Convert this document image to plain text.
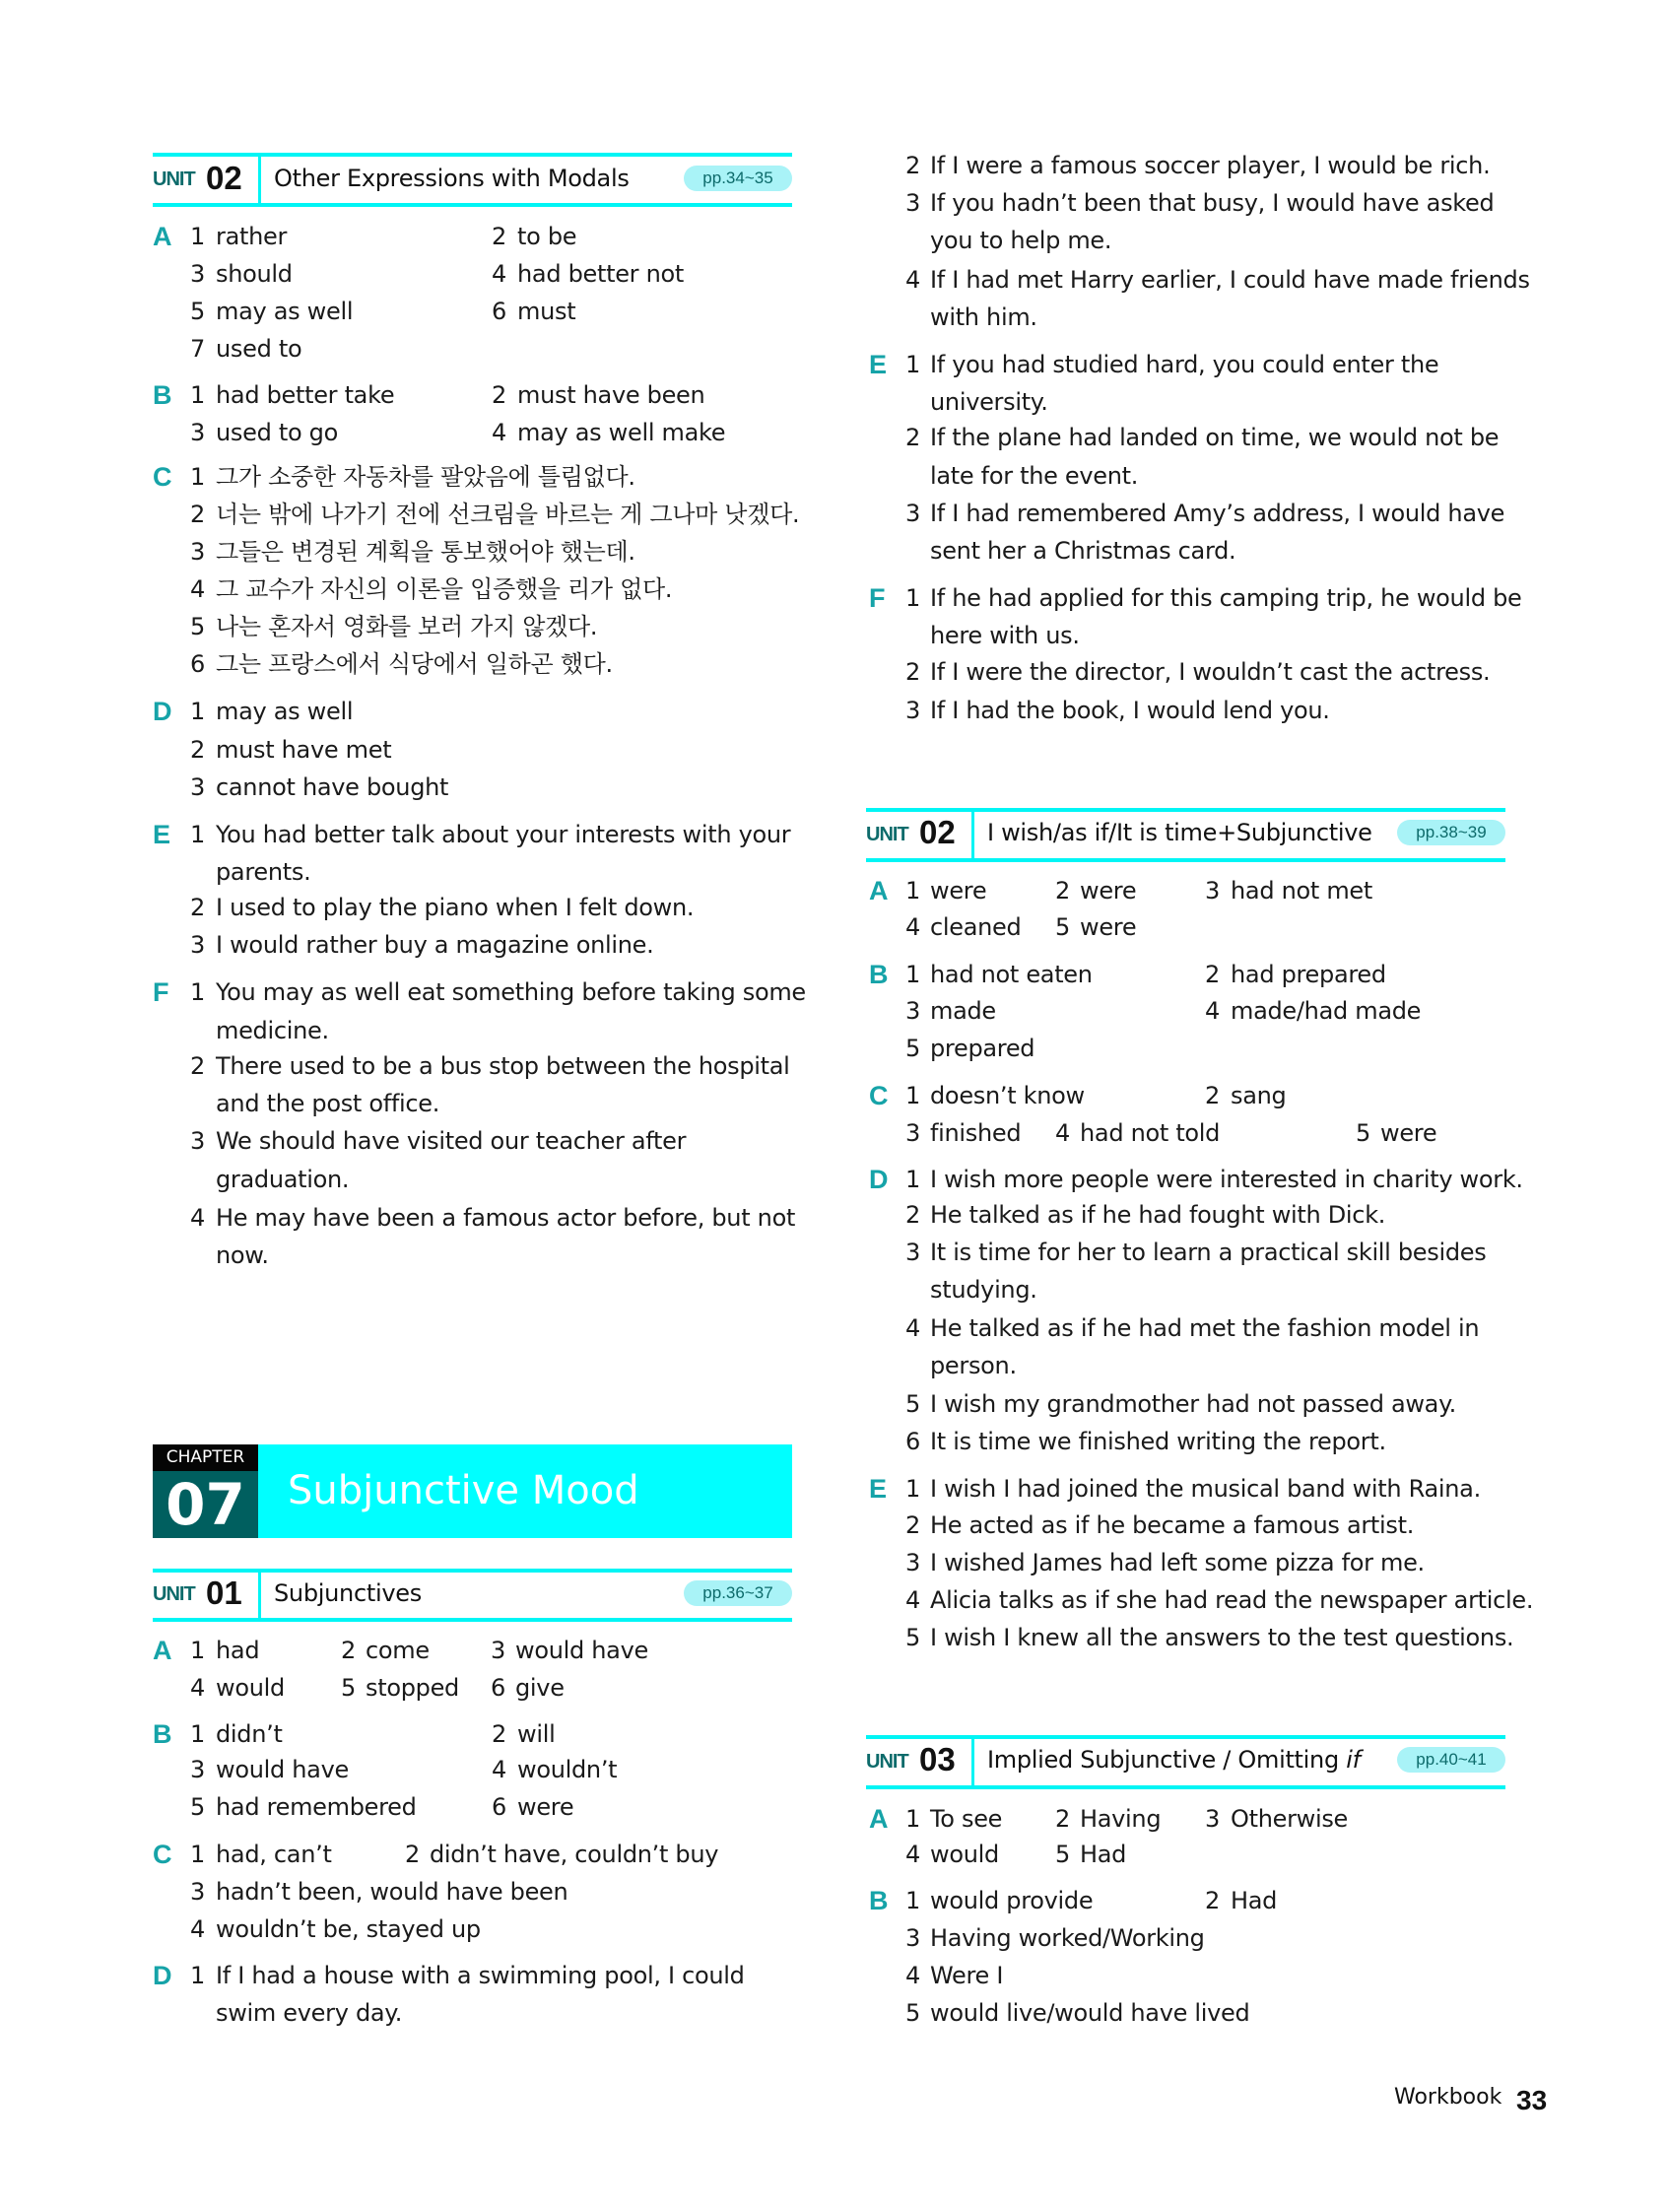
UNIT 02 Other Expressions with Modals	pp.34~35
A 1 rather	2 to be
3 should	4 had better not
5 may as well	6 must
7 used to
B 1 had better take	2 must have been
3 used to go	4 may as well make
C 1 그가 소중한 자동차를 팔았음에 틀림없다.
2 너는 밖에 나가기 전에 선크림을 바르는 게 그나마 낫겠다.
3 그들은 변경된 계획을 통보했어야 했는데.
4 그 교수가 자신의 이론을 입증했을 리가 없다.
5 나는 혼자서 영화를 보러 가지 않겠다.
6 그는 프랑스에서 식당에서 일하곤 했다.
D 1 may as well
2 must have met
3 cannot have bought
E 1 You had better talk about your interests with your
parents.
2 I used to play the piano when I felt down.
3 I would rather buy a magazine online.
F 1 You may as well eat something before taking some
medicine.
2 There used to be a bus stop between the hospital
and the post office.
3 We should have visited our teacher after
graduation.
4 He may have been a famous actor before, but not
now.
CHAPTER
07	Subjunctive Mood
UNIT 01 Subjunctives	pp.36~37
A 1 had	2 come	3 would have
4 would 5 stopped 6 give
B 1 didn’t	2 will
3 would have	4 wouldn’t
5 had remembered	6 were
C 1 had, can’t	2 didn’t have, couldn’t buy
3 hadn’t been, would have been
4 wouldn’t be, stayed up
D 1 If I had a house with a swimming pool, I could
swim every day.
2 If I were a famous soccer player, I would be rich.
3 If you hadn’t been that busy, I would have asked
you to help me.
4 If I had met Harry earlier, I could have made friends
with him.
E 1 If you had studied hard, you could enter the
university.
2 If the plane had landed on time, we would not be
late for the event.
3 If I had remembered Amy’s address, I would have
sent her a Christmas card.
F 1 If he had applied for this camping trip, he would be
here with us.
2 If I were the director, I wouldn’t cast the actress.
3 If I had the book, I would lend you.
UNIT 02 I wish/as if/It is time+Subjunctive	pp.38~39
A 1 were	2 were	3 had not met
4 cleaned 5 were
B 1 had not eaten	2 had prepared
3 made	4 made/had made
5 prepared
C 1 doesn’t know	2 sang
3 finished 4 had not told	5 were
D 1 I wish more people were interested in charity work.
2 He talked as if he had fought with Dick.
3 It is time for her to learn a practical skill besides
studying.
4 He talked as if he had met the fashion model in
person.
5 I wish my grandmother had not passed away.
6 It is time we finished writing the report.
E 1 I wish I had joined the musical band with Raina.
2 He acted as if he became a famous artist.
3 I wished James had left some pizza for me.
4 Alicia talks as if she had read the newspaper article.
5 I wish I knew all the answers to the test questions.
UNIT 03 Implied Subjunctive / Omitting if	pp.40~41
A 1 To see 2 Having 3 Otherwise
4 would 5 Had
B 1 would provide	2 Had
3 Having worked/Working
4 Were I
5 would live/would have lived
Workbook 33
